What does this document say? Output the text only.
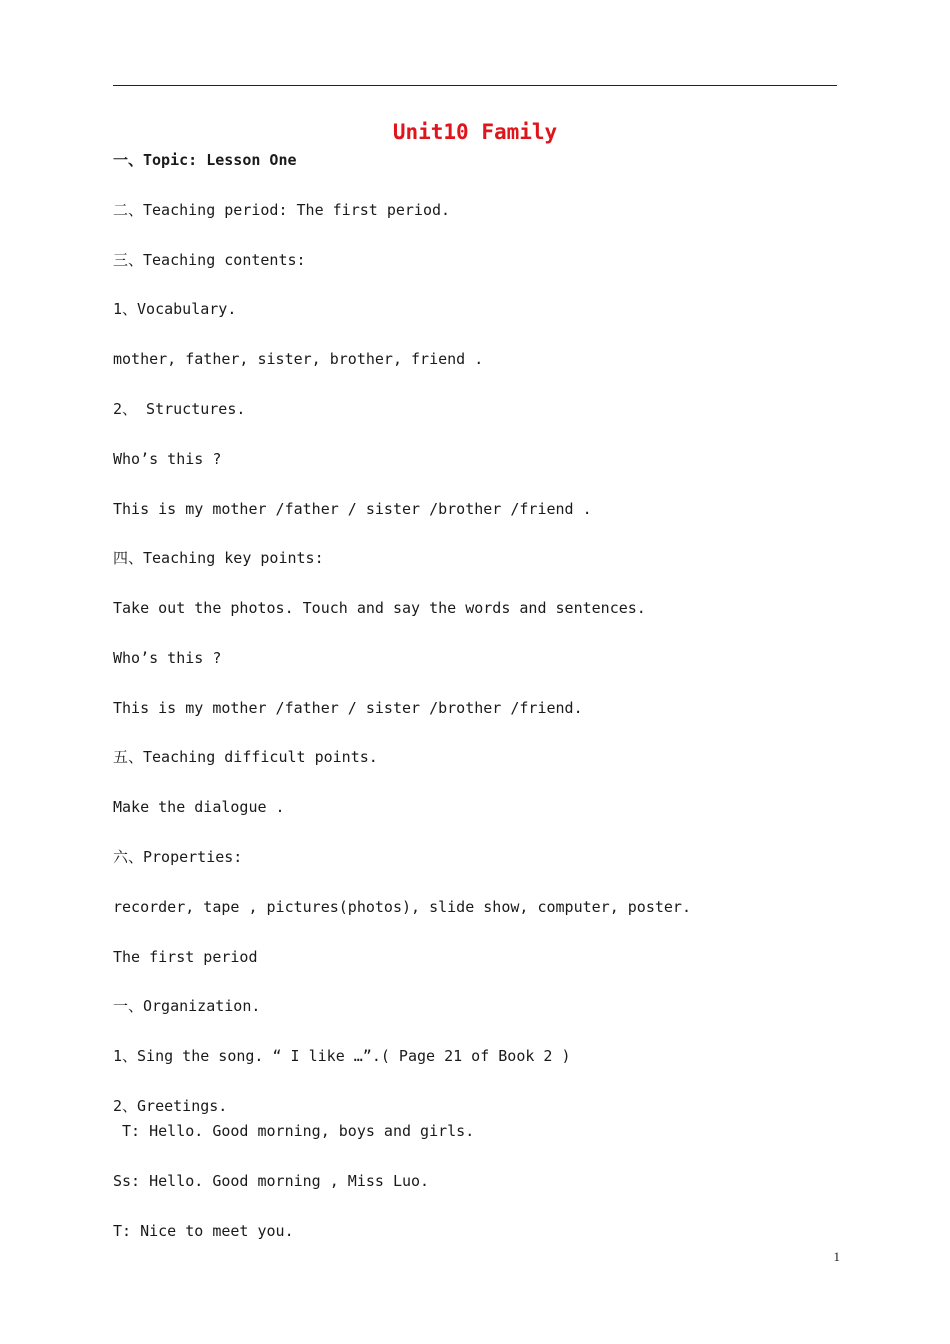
Unit10 Family
一、Topic: Lesson One
二、Teaching period: The first period.
三、Teaching contents:
1、Vocabulary.
mother, father, sister, brother, friend .
2、 Structures.
Who’s this ?
This is my mother /father / sister /brother /friend .
四、Teaching key points:
Take out the photos. Touch and say the words and sentences.
Who’s this ?
This is my mother /father / sister /brother /friend.
五、Teaching difficult points.
Make the dialogue .
六、Properties:
recorder, tape , pictures(photos), slide show, computer, poster.
The first period
一、Organization.
1、Sing the song. “ I like …”.( Page 21 of Book 2 )
2、Greetings.
T: Hello. Good morning, boys and girls.
Ss: Hello. Good morning , Miss Luo.
T: Nice to meet you.
1
